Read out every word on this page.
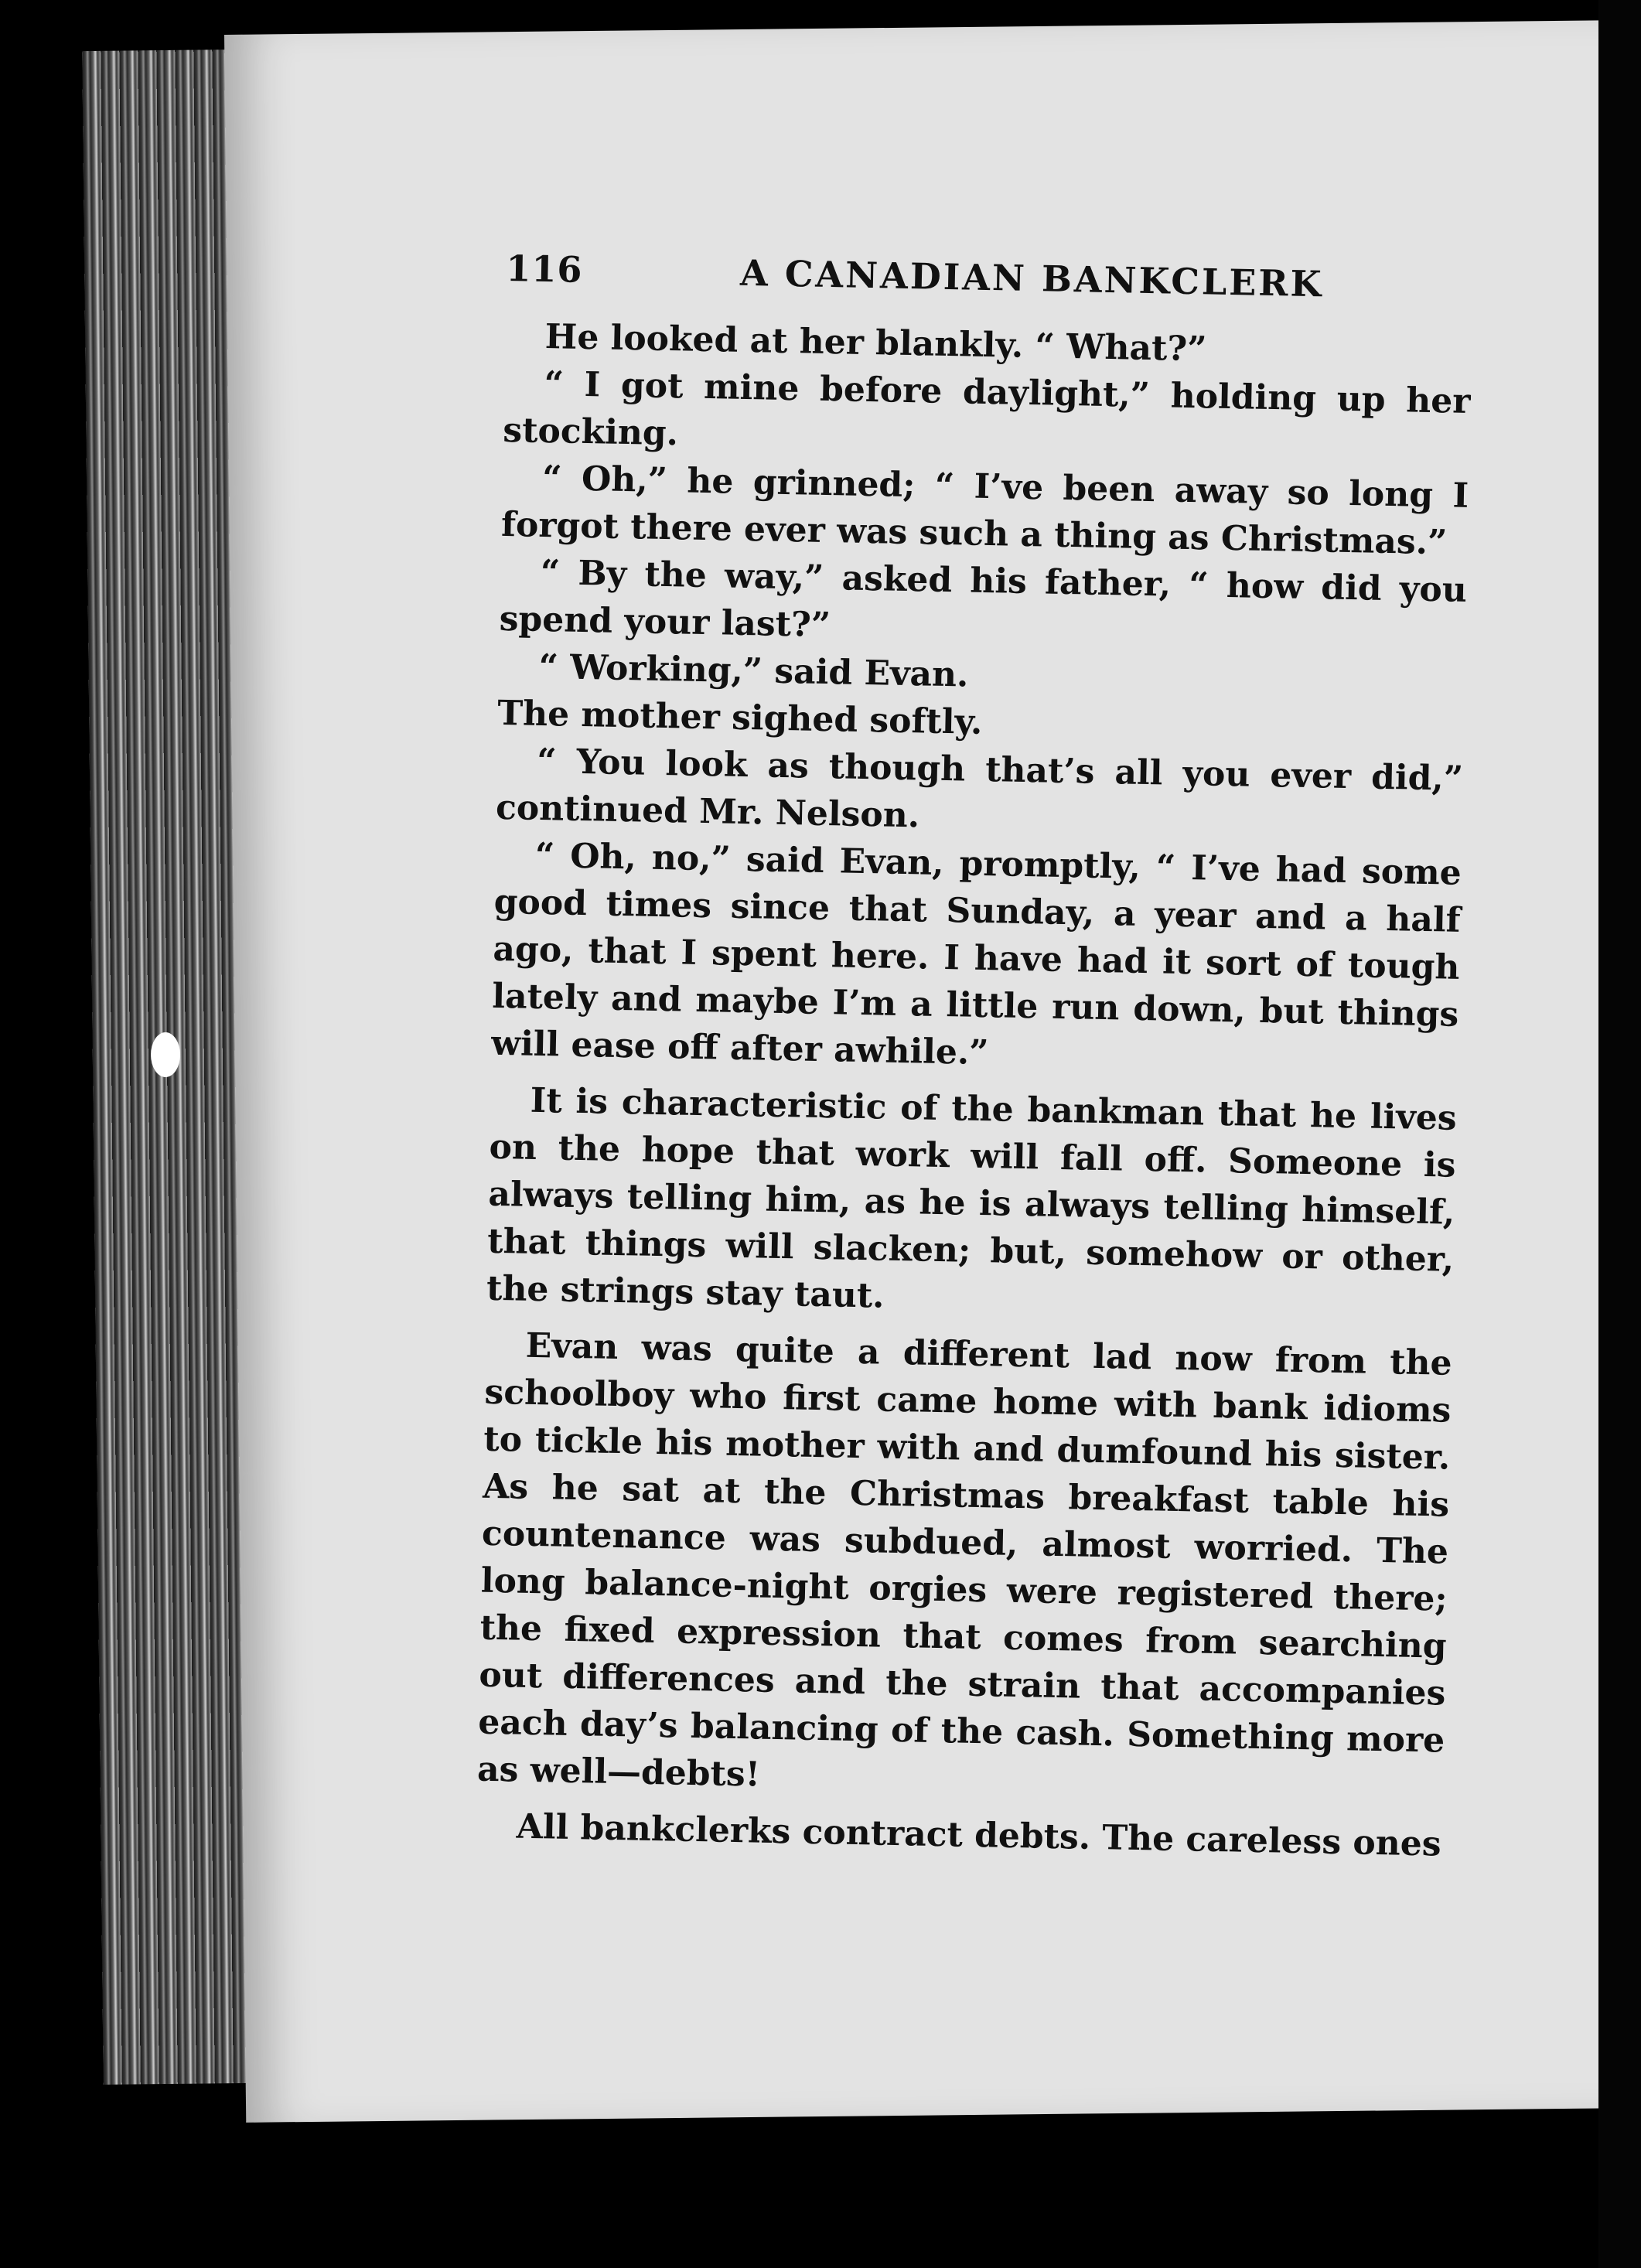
116	A CANADIAN BANKCLERK

He looked at her blankly. “ What?”

“ I got mine before daylight,” holding up her stocking.

“ Oh,” he grinned; “ I’ve been away so long I forgot there ever was such a thing as Christmas.”

“ By the way,” asked his father, “ how did you spend your last?”

“ Working,” said Evan.

The mother sighed softly.

“ You look as though that’s all you ever did,” continued Mr. Nelson.

“ Oh, no,” said Evan, promptly, “ I’ve had some good times since that Sunday, a year and a half ago, that I spent here. I have had it sort of tough lately and maybe I’m a little run down, but things will ease off after awhile.”

It is characteristic of the bankman that he lives on the hope that work will fall off. Someone is always telling him, as he is always telling himself, that things will slacken; but, somehow or other, the strings stay taut.

Evan was quite a different lad now from the schoolboy who first came home with bank idioms to tickle his mother with and dumfound his sister. As he sat at the Christmas breakfast table his countenance was subdued, almost worried. The long balance-night orgies were registered there; the fixed expression that comes from searching out differences and the strain that accompanies each day’s balancing of the cash. Something more as well—debts!

All bankclerks contract debts. The careless ones
